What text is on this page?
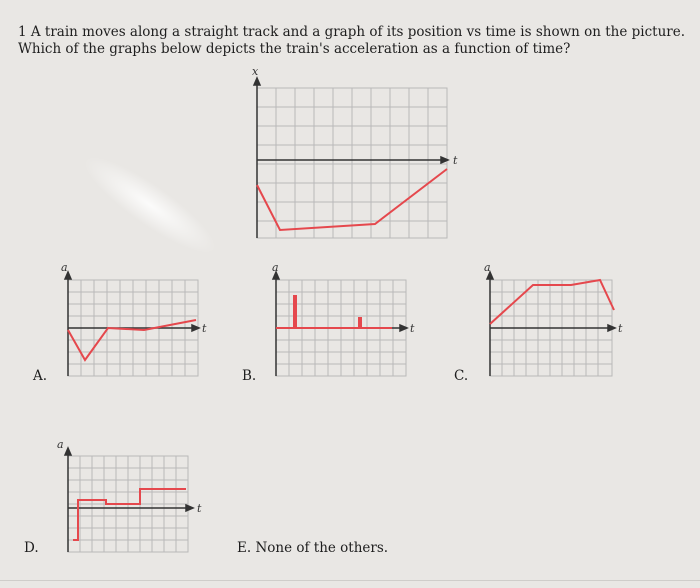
1 A train moves along a straight track and a graph of its position vs time is shown on the picture. Which of the graphs below depicts the train's acceleration as a function of time?

x
t
a
t

A.

a
t

B.

a
t

C.

a
t

D.	E. None of the others.
